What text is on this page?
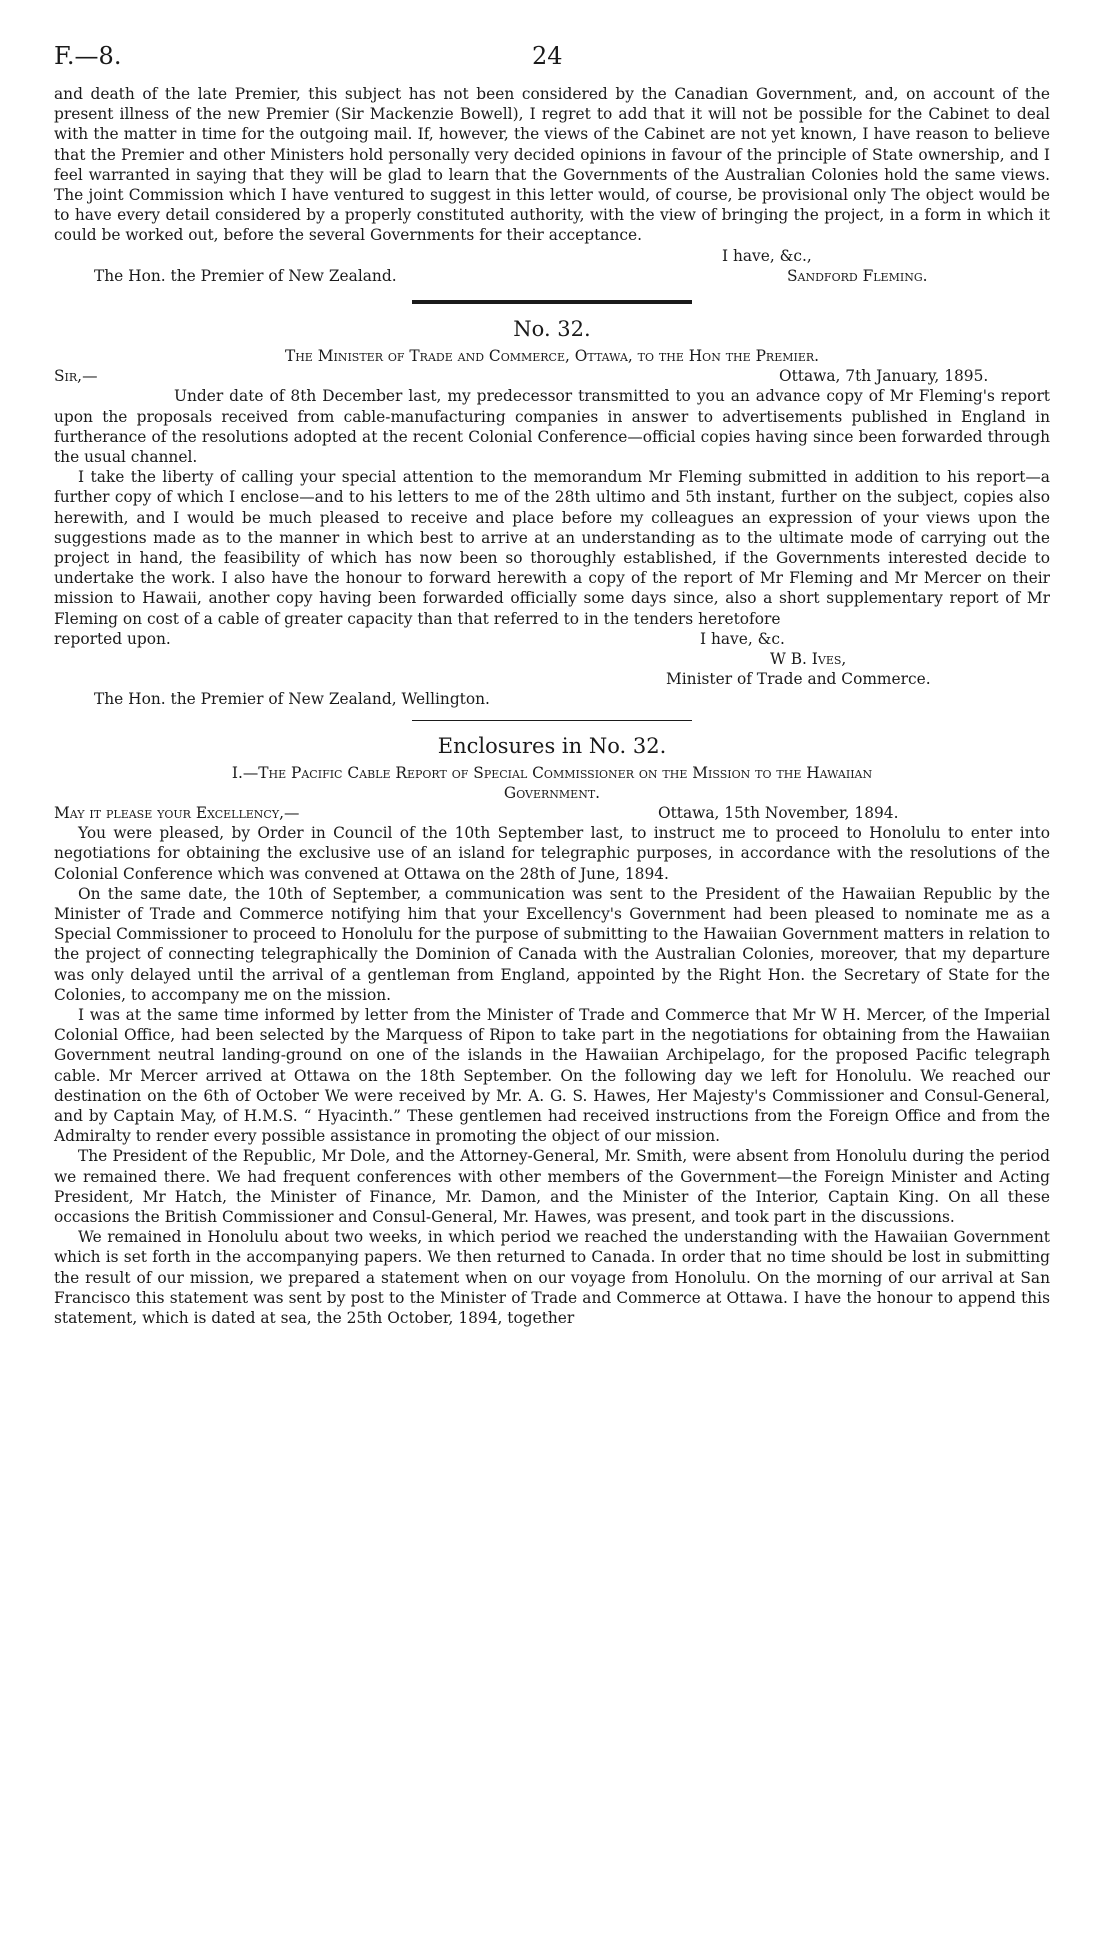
F.—8.	24

and death of the late Premier, this subject has not been considered by the Canadian Government, and, on account of the present illness of the new Premier (Sir Mackenzie Bowell), I regret to add that it will not be possible for the Cabinet to deal with the matter in time for the outgoing mail. If, however, the views of the Cabinet are not yet known, I have reason to believe that the Premier and other Ministers hold personally very decided opinions in favour of the principle of State ownership, and I feel warranted in saying that they will be glad to learn that the Governments of the Australian Colonies hold the same views. The joint Commission which I have ventured to suggest in this letter would, of course, be provisional only The object would be to have every detail considered by a properly constituted authority, with the view of bringing the project, in a form in which it could be worked out, before the several Governments for their acceptance.

I have, &c.,
The Hon. the Premier of New Zealand.	Sandford Fleming.
No. 32.
The Minister of Trade and Commerce, Ottawa, to the Hon the Premier.
Sir,—	Ottawa, 7th January, 1895.

Under date of 8th December last, my predecessor transmitted to you an advance copy of Mr Fleming's report upon the proposals received from cable-manufacturing companies in answer to advertisements published in England in furtherance of the resolutions adopted at the recent Colonial Conference—official copies having since been forwarded through the usual channel.

I take the liberty of calling your special attention to the memorandum Mr Fleming submitted in addition to his report—a further copy of which I enclose—and to his letters to me of the 28th ultimo and 5th instant, further on the subject, copies also herewith, and I would be much pleased to receive and place before my colleagues an expression of your views upon the suggestions made as to the manner in which best to arrive at an understanding as to the ultimate mode of carrying out the project in hand, the feasibility of which has now been so thoroughly established, if the Governments interested decide to undertake the work. I also have the honour to forward herewith a copy of the report of Mr Fleming and Mr Mercer on their mission to Hawaii, another copy having been forwarded officially some days since, also a short supplementary report of Mr Fleming on cost of a cable of greater capacity than that referred to in the tenders heretofore

reported upon.	I have, &c.
W B. Ives,
Minister of Trade and Commerce.
The Hon. the Premier of New Zealand, Wellington.
Enclosures in No. 32.
I.—The Pacific Cable Report of Special Commissioner on the Mission to the Hawaiian
Government.
May it please your Excellency,—	Ottawa, 15th November, 1894.

You were pleased, by Order in Council of the 10th September last, to instruct me to proceed to Honolulu to enter into negotiations for obtaining the exclusive use of an island for telegraphic purposes, in accordance with the resolutions of the Colonial Conference which was convened at Ottawa on the 28th of June, 1894.

On the same date, the 10th of September, a communication was sent to the President of the Hawaiian Republic by the Minister of Trade and Commerce notifying him that your Excellency's Government had been pleased to nominate me as a Special Commissioner to proceed to Honolulu for the purpose of submitting to the Hawaiian Government matters in relation to the project of connecting telegraphically the Dominion of Canada with the Australian Colonies, moreover, that my departure was only delayed until the arrival of a gentleman from England, appointed by the Right Hon. the Secretary of State for the Colonies, to accompany me on the mission.

I was at the same time informed by letter from the Minister of Trade and Commerce that Mr W H. Mercer, of the Imperial Colonial Office, had been selected by the Marquess of Ripon to take part in the negotiations for obtaining from the Hawaiian Government neutral landing-ground on one of the islands in the Hawaiian Archipelago, for the proposed Pacific telegraph cable. Mr Mercer arrived at Ottawa on the 18th September. On the following day we left for Honolulu. We reached our destination on the 6th of October We were received by Mr. A. G. S. Hawes, Her Majesty's Commissioner and Consul-General, and by Captain May, of H.M.S. “ Hyacinth.” These gentlemen had received instructions from the Foreign Office and from the Admiralty to render every possible assistance in promoting the object of our mission.

The President of the Republic, Mr Dole, and the Attorney-General, Mr. Smith, were absent from Honolulu during the period we remained there. We had frequent conferences with other members of the Government—the Foreign Minister and Acting President, Mr Hatch, the Minister of Finance, Mr. Damon, and the Minister of the Interior, Captain King. On all these occasions the British Commissioner and Consul-General, Mr. Hawes, was present, and took part in the discussions.

We remained in Honolulu about two weeks, in which period we reached the understanding with the Hawaiian Government which is set forth in the accompanying papers. We then returned to Canada. In order that no time should be lost in submitting the result of our mission, we prepared a statement when on our voyage from Honolulu. On the morning of our arrival at San Francisco this statement was sent by post to the Minister of Trade and Commerce at Ottawa. I have the honour to append this statement, which is dated at sea, the 25th October, 1894, together
